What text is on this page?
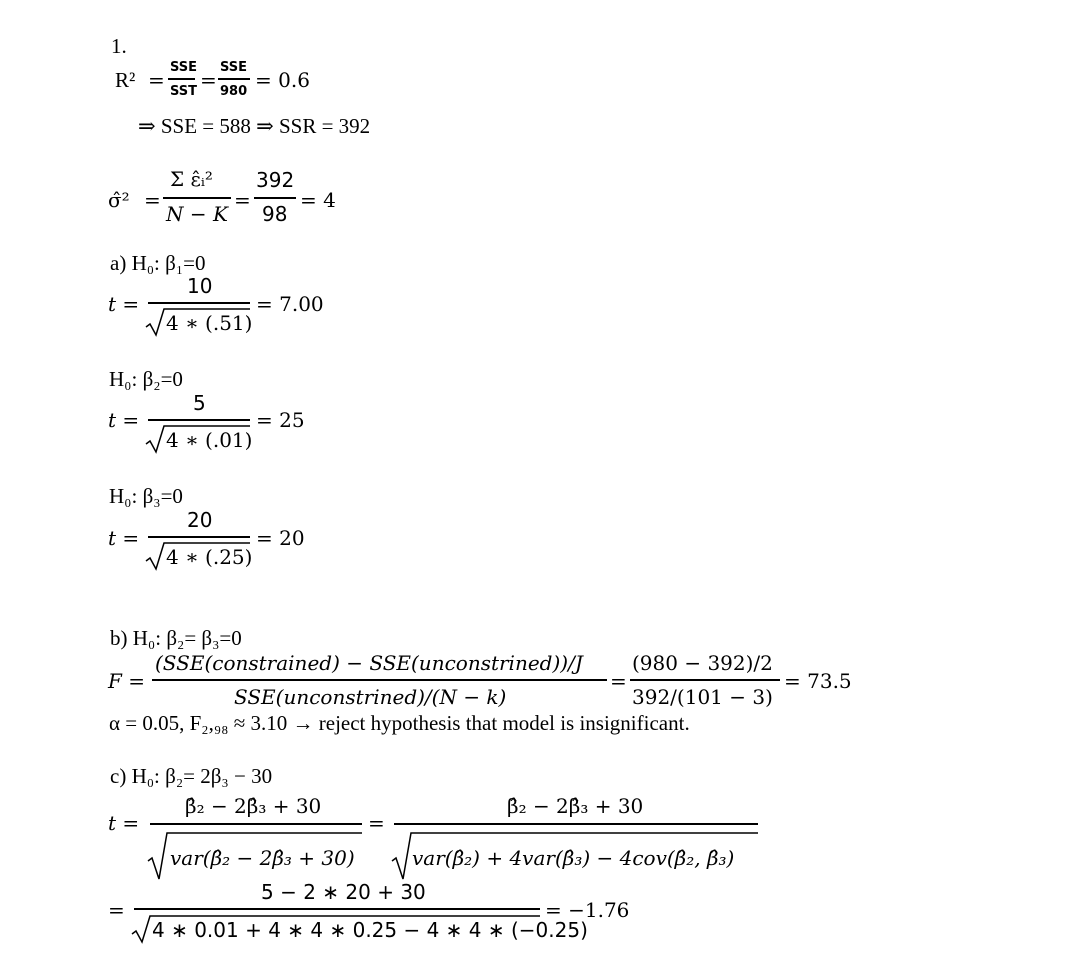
1.
R² =
SSE
SST =
SSE
980 = 0.6
⇒ SSE = 588 ⇒ SSR = 392
σ̂² =
Σ ε̂ᵢ²
N − K
=
392
98
= 4
a) H₀: β₁=0
t =
10
4 ∗ (.51)
= 7.00
H₀: β₂=0
t =
5
4 ∗ (.01)
= 25
H₀: β₃=0
t =
20
4 ∗ (.25)
= 20
b) H₀: β₂= β₃=0
F =
(SSE(constrained) − SSE(unconstrined))/J
SSE(unconstrined)/(N − k)
=
(980 − 392)/2
392/(101 − 3)
= 73.5
α = 0.05, F₂,₉₈ ≈ 3.10 → reject hypothesis that model is insignificant.
c) H₀: β₂= 2β₃ − 30
t =
β̂₂ − 2β̂₃ + 30
var(β̂₂ − 2β̂₃ + 30)
=
β̂₂ − 2β̂₃ + 30
var(β̂₂) + 4var(β̂₃) − 4cov(β̂₂, β̂₃)
=
5 − 2 ∗ 20 + 30
4 ∗ 0.01 + 4 ∗ 4 ∗ 0.25 − 4 ∗ 4 ∗ (−0.25)
= −1.76
